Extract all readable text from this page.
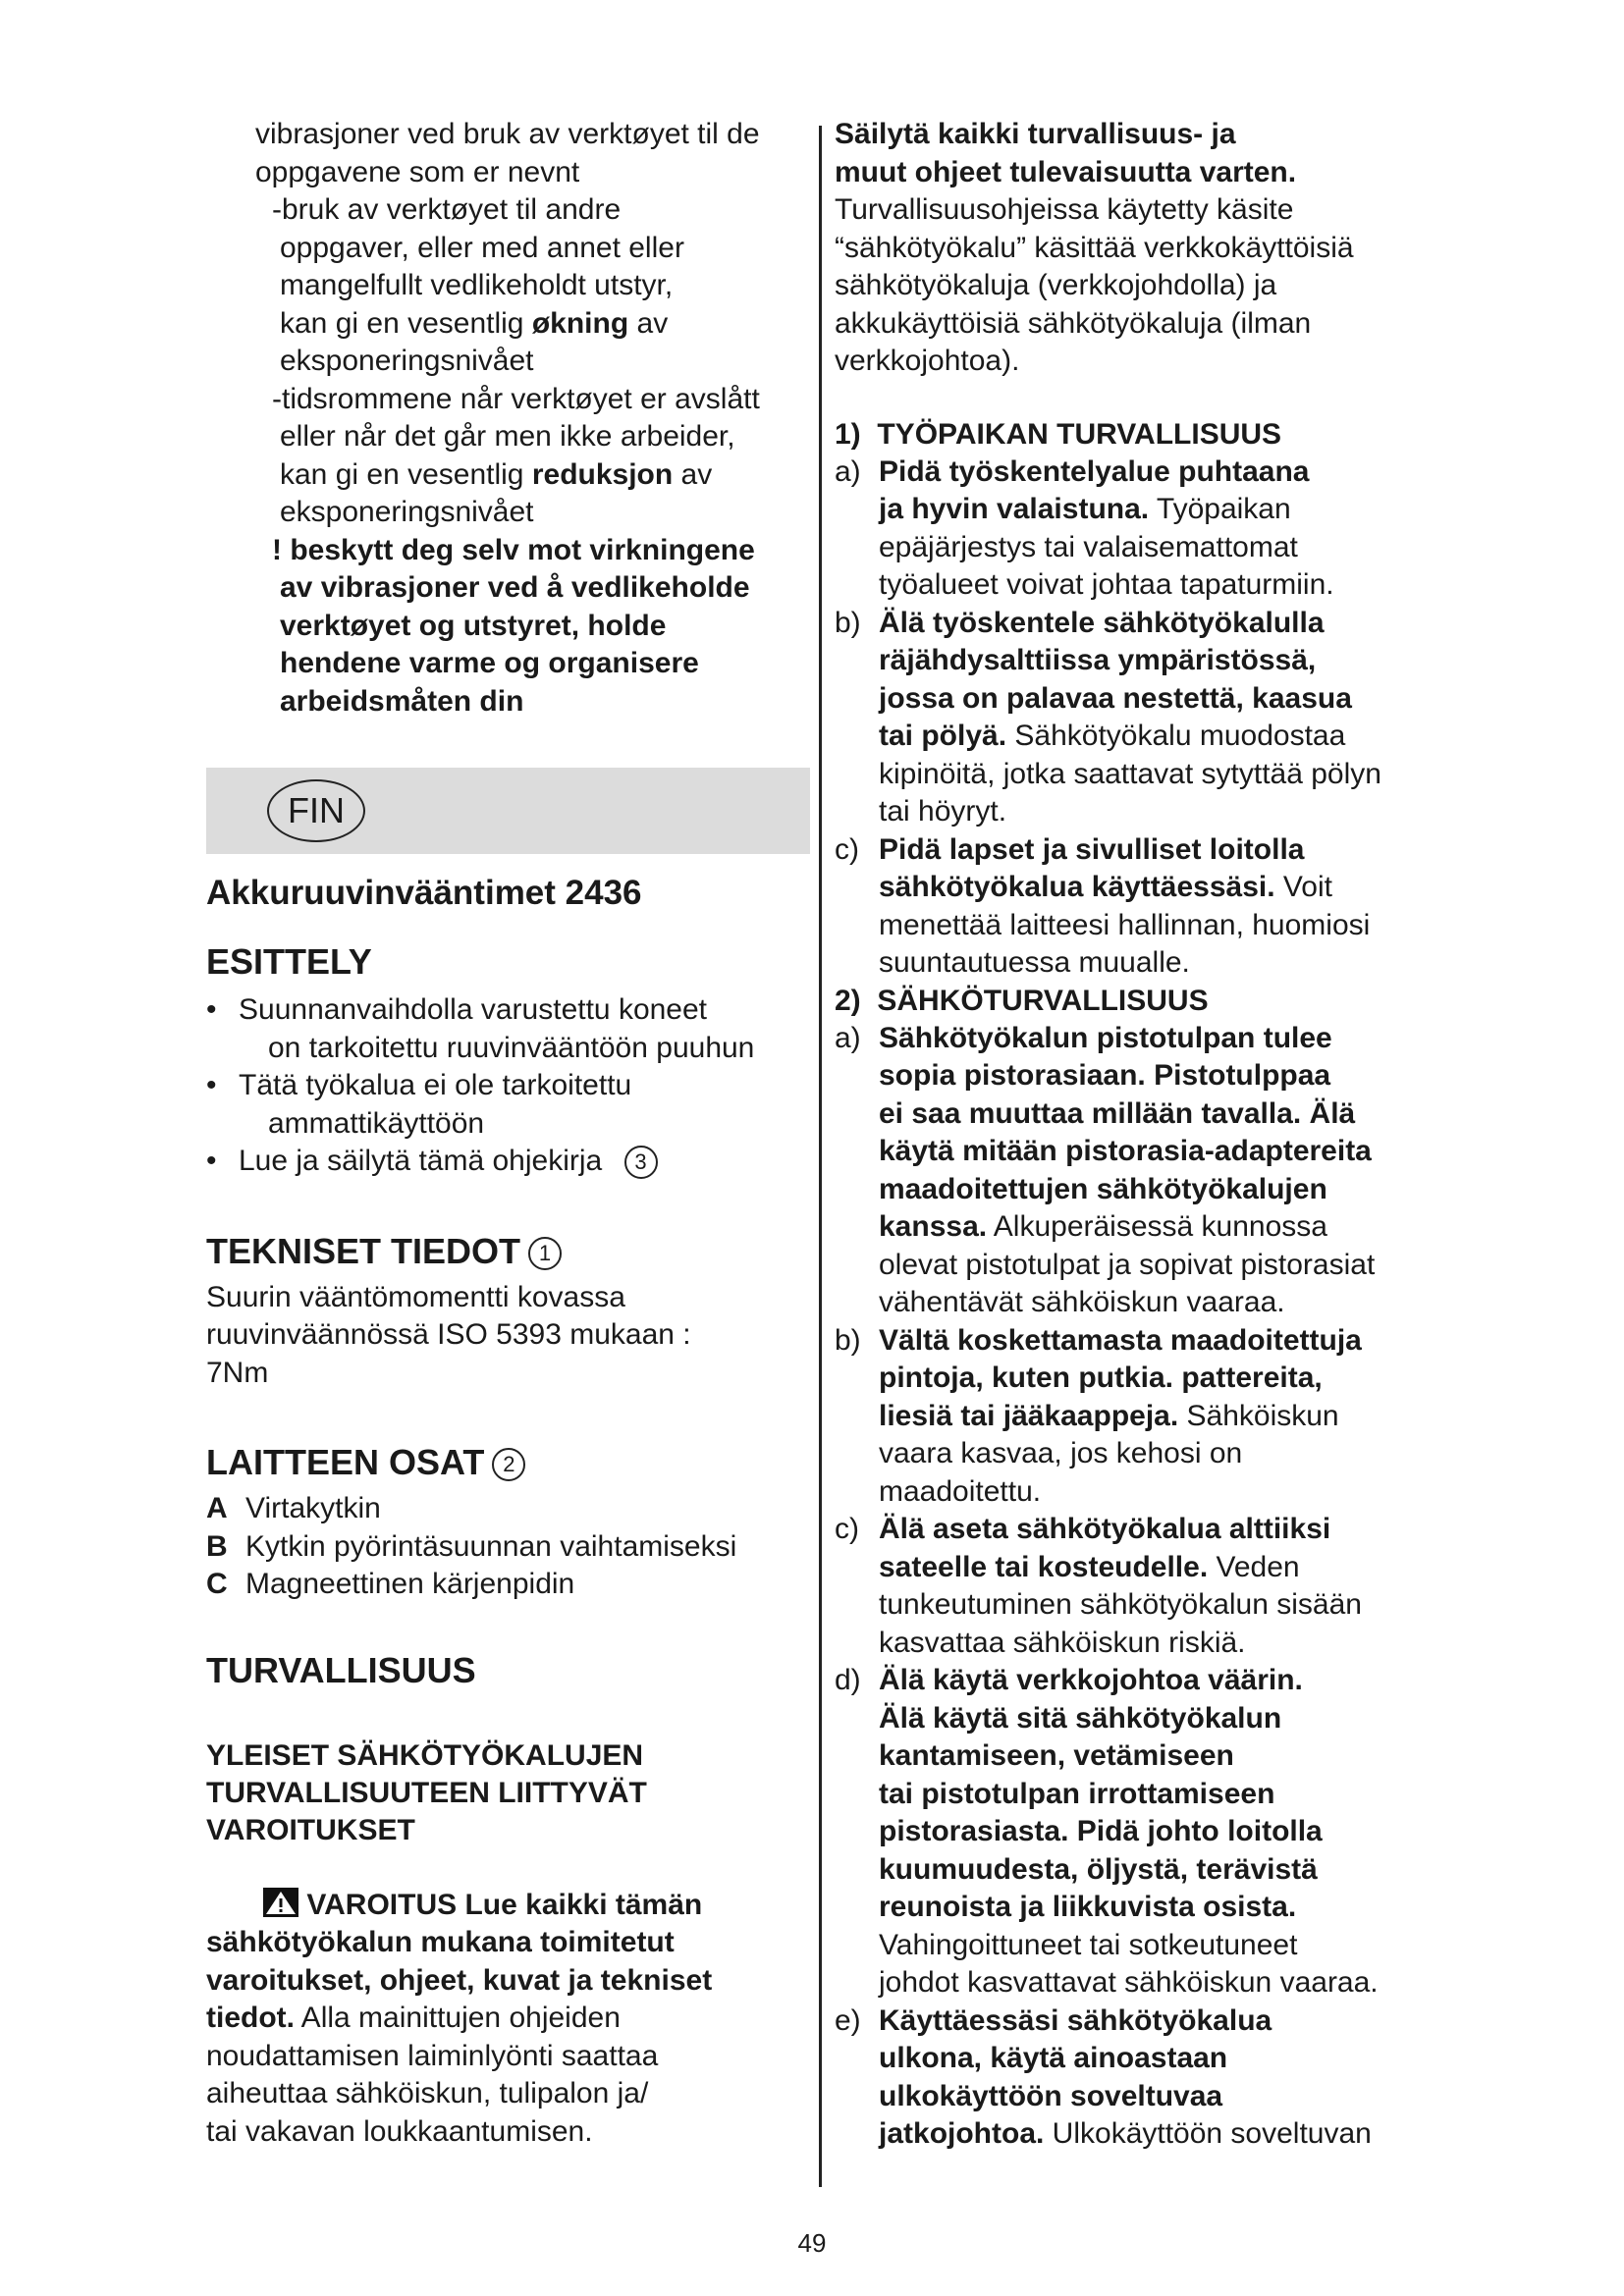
vibrasjoner ved bruk av verktøyet til de

oppgavene som er nevnt

-bruk av verktøyet til andre

oppgaver, eller med annet eller

mangelfullt vedlikeholdt utstyr,

kan gi en vesentlig økning av

eksponeringsnivået

-tidsrommene når verktøyet er avslått

eller når det går men ikke arbeider,

kan gi en vesentlig reduksjon av

eksponeringsnivået

! beskytt deg selv mot virkningene

av vibrasjoner ved å vedlikeholde

verktøyet og utstyret, holde

hendene varme og organisere

arbeidsmåten din

FIN

Akkuruuvinvääntimet 2436

ESITTELY

• Suunnanvaihdolla varustettu koneet

on tarkoitettu ruuvinvääntöön puuhun

• Tätä työkalua ei ole tarkoitettu

ammattikäyttöön

• Lue ja säilytä tämä ohjekirja 3

TEKNISET TIEDOT 1

Suurin vääntömomentti kovassa

ruuvinväännössä ISO 5393 mukaan :

7Nm

LAITTEEN OSAT 2

A Virtakytkin
B Kytkin pyörintäsuunnan vaihtamiseksi
C Magneettinen kärjenpidin

TURVALLISUUS

YLEISET SÄHKÖTYÖKALUJEN

TURVALLISUUTEEN LIITTYVÄT

VAROITUKSET

VAROITUS Lue kaikki tämän

sähkötyökalun mukana toimitetut

varoitukset, ohjeet, kuvat ja tekniset

tiedot. Alla mainittujen ohjeiden

noudattamisen laiminlyönti saattaa

aiheuttaa sähköiskun, tulipalon ja/

tai vakavan loukkaantumisen.

Säilytä kaikki turvallisuus- ja

muut ohjeet tulevaisuutta varten.

Turvallisuusohjeissa käytetty käsite

“sähkötyökalu” käsittää verkkokäyttöisiä

sähkötyökaluja (verkkojohdolla) ja

akkukäyttöisiä sähkötyökaluja (ilman

verkkojohtoa).

1) TYÖPAIKAN TURVALLISUUS

a) Pidä työskentelyalue puhtaana

ja hyvin valaistuna. Työpaikan

epäjärjestys tai valaisemattomat

työalueet voivat johtaa tapaturmiin.

b) Älä työskentele sähkötyökalulla

räjähdysalttiissa ympäristössä,

jossa on palavaa nestettä, kaasua

tai pölyä. Sähkötyökalu muodostaa

kipinöitä, jotka saattavat sytyttää pölyn

tai höyryt.

c) Pidä lapset ja sivulliset loitolla

sähkötyökalua käyttäessäsi. Voit

menettää laitteesi hallinnan, huomiosi

suuntautuessa muualle.

2) SÄHKÖTURVALLISUUS

a) Sähkötyökalun pistotulpan tulee

sopia pistorasiaan. Pistotulppaa

ei saa muuttaa millään tavalla. Älä

käytä mitään pistorasia-adaptereita

maadoitettujen sähkötyökalujen

kanssa. Alkuperäisessä kunnossa

olevat pistotulpat ja sopivat pistorasiat

vähentävät sähköiskun vaaraa.

b) Vältä koskettamasta maadoitettuja

pintoja, kuten putkia. pattereita,

liesiä tai jääkaappeja. Sähköiskun

vaara kasvaa, jos kehosi on

maadoitettu.

c) Älä aseta sähkötyökalua alttiiksi

sateelle tai kosteudelle. Veden

tunkeutuminen sähkötyökalun sisään

kasvattaa sähköiskun riskiä.

d) Älä käytä verkkojohtoa väärin.

Älä käytä sitä sähkötyökalun

kantamiseen, vetämiseen

tai pistotulpan irrottamiseen

pistorasiasta. Pidä johto loitolla

kuumuudesta, öljystä, terävistä

reunoista ja liikkuvista osista.

Vahingoittuneet tai sotkeutuneet

johdot kasvattavat sähköiskun vaaraa.

e) Käyttäessäsi sähkötyökalua

ulkona, käytä ainoastaan

ulkokäyttöön soveltuvaa

jatkojohtoa. Ulkokäyttöön soveltuvan

49
